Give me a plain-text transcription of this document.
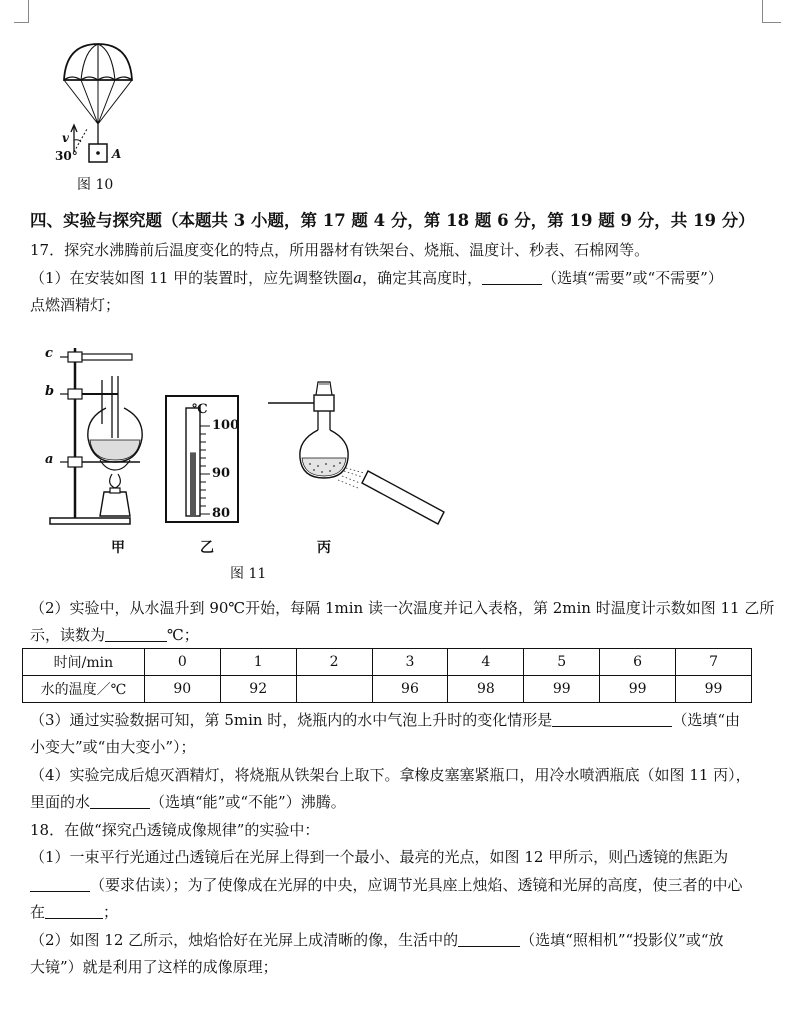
v
30°	A
图 10
四、实验与探究题（本题共 3 小题，第 17 题 4 分，第 18 题 6 分，第 19 题 9 分，共 19 分）
17．探究水沸腾前后温度变化的特点，所用器材有铁架台、烧瓶、温度计、秒表、石棉网等。
（1）在安装如图 11 甲的装置时，应先调整铁圈a，确定其高度时，	（选填“需要”或“不需要”）
点燃酒精灯；
c
b
a
℃
100
90
80
甲	乙	丙
图 11
（2）实验中，从水温升到 90℃开始，每隔 1min 读一次温度并记入表格，第 2min 时温度计示数如图 11 乙所
示，读数为	℃；
时间/min	0	1	2	3	4	5	6	7
水的温度／℃	90	92		96	98	99	99	99
（3）通过实验数据可知，第 5min 时，烧瓶内的水中气泡上升时的变化情形是	（选填“由
小变大”或“由大变小”）；
（4）实验完成后熄灭酒精灯，将烧瓶从铁架台上取下。拿橡皮塞塞紧瓶口，用冷水喷洒瓶底（如图 11 丙），
里面的水	（选填“能”或“不能”）沸腾。
18．在做“探究凸透镜成像规律”的实验中：
（1）一束平行光通过凸透镜后在光屏上得到一个最小、最亮的光点，如图 12 甲所示，则凸透镜的焦距为
（要求估读）；为了使像成在光屏的中央，应调节光具座上烛焰、透镜和光屏的高度，使三者的中心
在	；
（2）如图 12 乙所示，烛焰恰好在光屏上成清晰的像，生活中的	（选填“照相机”“投影仪”或“放
大镜”）就是利用了这样的成像原理；
